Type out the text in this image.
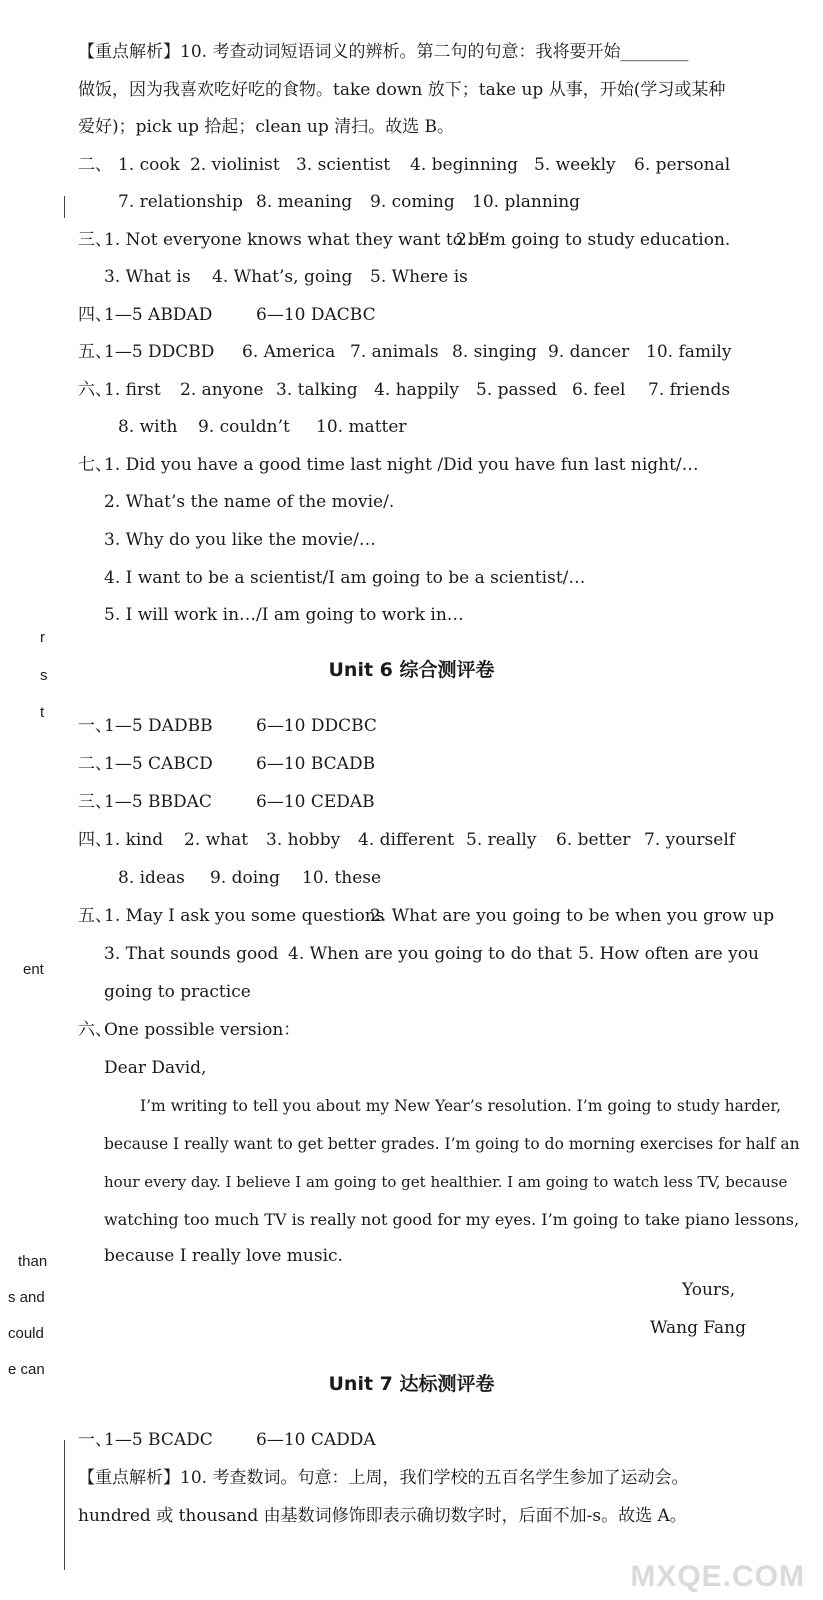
r
s
t
ent
than
s and
could
e can
【重点解析】10. 考查动词短语词义的辨析。第二句的句意：我将要开始________
做饭，因为我喜欢吃好吃的食物。take down 放下；take up 从事，开始(学习或某种
爱好)；pick up 拾起；clean up 清扫。故选 B。
二、 1. cook 2. violinist 3. scientist 4. beginning 5. weekly 6. personal
7. relationship 8. meaning 9. coming 10. planning
三、
1. Not everyone knows what they want to be.
2. I’m going to study education.
3. What is 4. What’s, going 5. Where is
四、
1—5 ABDAD	6—10 DACBC
五、
1—5 DDCBD 6. America 7. animals 8. singing 9. dancer 10. family
六、
1. first 2. anyone 3. talking 4. happily 5. passed 6. feel 7. friends
8. with 9. couldn’t 10. matter
七、
1. Did you have a good time last night /Did you have fun last night/…
2. What’s the name of the movie/.
3. Why do you like the movie/…
4. I want to be a scientist/I am going to be a scientist/…
5. I will work in…/I am going to work in…
Unit 6 综合测评卷
一、
1—5 DADBB	6—10 DDCBC
二、
1—5 CABCD	6—10 BCADB
三、
1—5 BBDAC	6—10 CEDAB
四、
1. kind 2. what 3. hobby 4. different 5. really 6. better 7. yourself
8. ideas 9. doing 10. these
五、
1. May I ask you some questions
2. What are you going to be when you grow up
3. That sounds good 4. When are you going to do that 5. How often are you
going to practice
六、
One possible version：
Dear David,
I’m writing to tell you about my New Year’s resolution. I’m going to study harder,
because I really want to get better grades. I’m going to do morning exercises for half an
hour every day. I believe I am going to get healthier. I am going to watch less TV, because
watching too much TV is really not good for my eyes. I’m going to take piano lessons,
because I really love music.
Yours,
Wang Fang
Unit 7 达标测评卷
一、
1—5 BCADC	6—10 CADDA
【重点解析】10. 考查数词。句意：上周，我们学校的五百名学生参加了运动会。
hundred 或 thousand 由基数词修饰即表示确切数字时，后面不加-s。故选 A。
MXQE.COM
